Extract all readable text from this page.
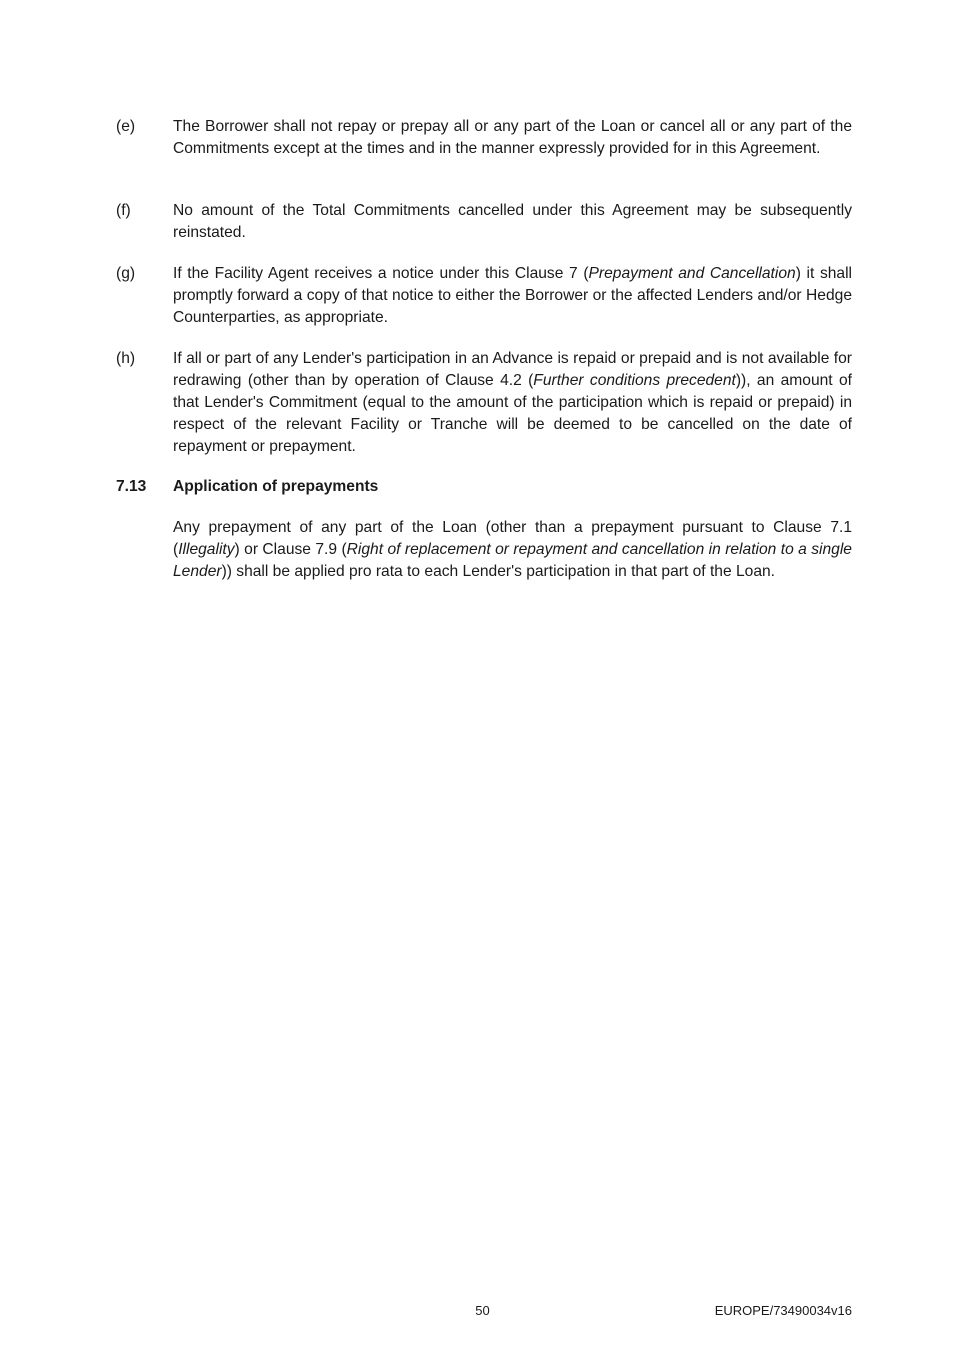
(e)	The Borrower shall not repay or prepay all or any part of the Loan or cancel all or any part of the Commitments except at the times and in the manner expressly provided for in this Agreement.
(f)	No amount of the Total Commitments cancelled under this Agreement may be subsequently reinstated.
(g)	If the Facility Agent receives a notice under this Clause 7 (Prepayment and Cancellation) it shall promptly forward a copy of that notice to either the Borrower or the affected Lenders and/or Hedge Counterparties, as appropriate.
(h)	If all or part of any Lender's participation in an Advance is repaid or prepaid and is not available for redrawing (other than by operation of Clause 4.2 (Further conditions precedent)), an amount of that Lender's Commitment (equal to the amount of the participation which is repaid or prepaid) in respect of the relevant Facility or Tranche will be deemed to be cancelled on the date of repayment or prepayment.
7.13 Application of prepayments
Any prepayment of any part of the Loan (other than a prepayment pursuant to Clause 7.1 (Illegality) or Clause 7.9 (Right of replacement or repayment and cancellation in relation to a single Lender)) shall be applied pro rata to each Lender's participation in that part of the Loan.
50	EUROPE/73490034v16
